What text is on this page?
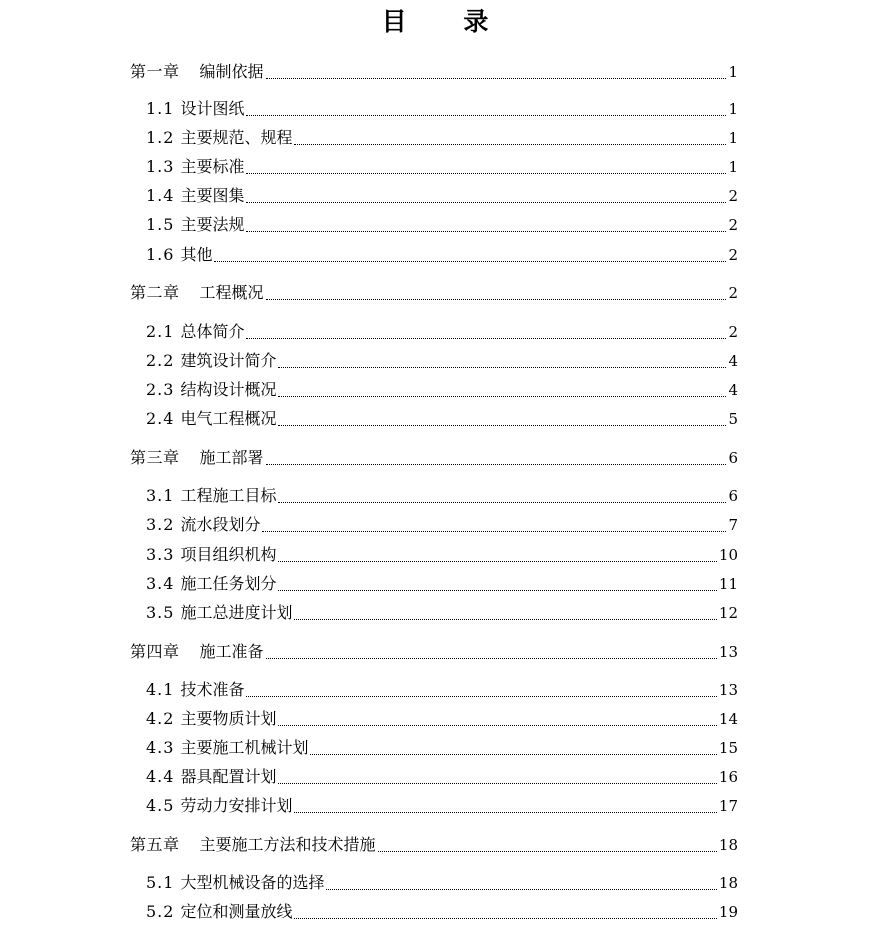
目 录
第一章 编制依据	1
1.1 设计图纸	1
1.2 主要规范、规程	1
1.3 主要标准	1
1.4 主要图集	2
1.5 主要法规	2
1.6 其他	2
第二章 工程概况	2
2.1 总体简介	2
2.2 建筑设计简介	4
2.3 结构设计概况	4
2.4 电气工程概况	5
第三章 施工部署	6
3.1 工程施工目标	6
3.2 流水段划分	7
3.3 项目组织机构	10
3.4 施工任务划分	11
3.5 施工总进度计划	12
第四章 施工准备	13
4.1 技术准备	13
4.2 主要物质计划	14
4.3 主要施工机械计划	15
4.4 器具配置计划	16
4.5 劳动力安排计划	17
第五章 主要施工方法和技术措施	18
5.1 大型机械设备的选择	18
5.2 定位和测量放线	19
